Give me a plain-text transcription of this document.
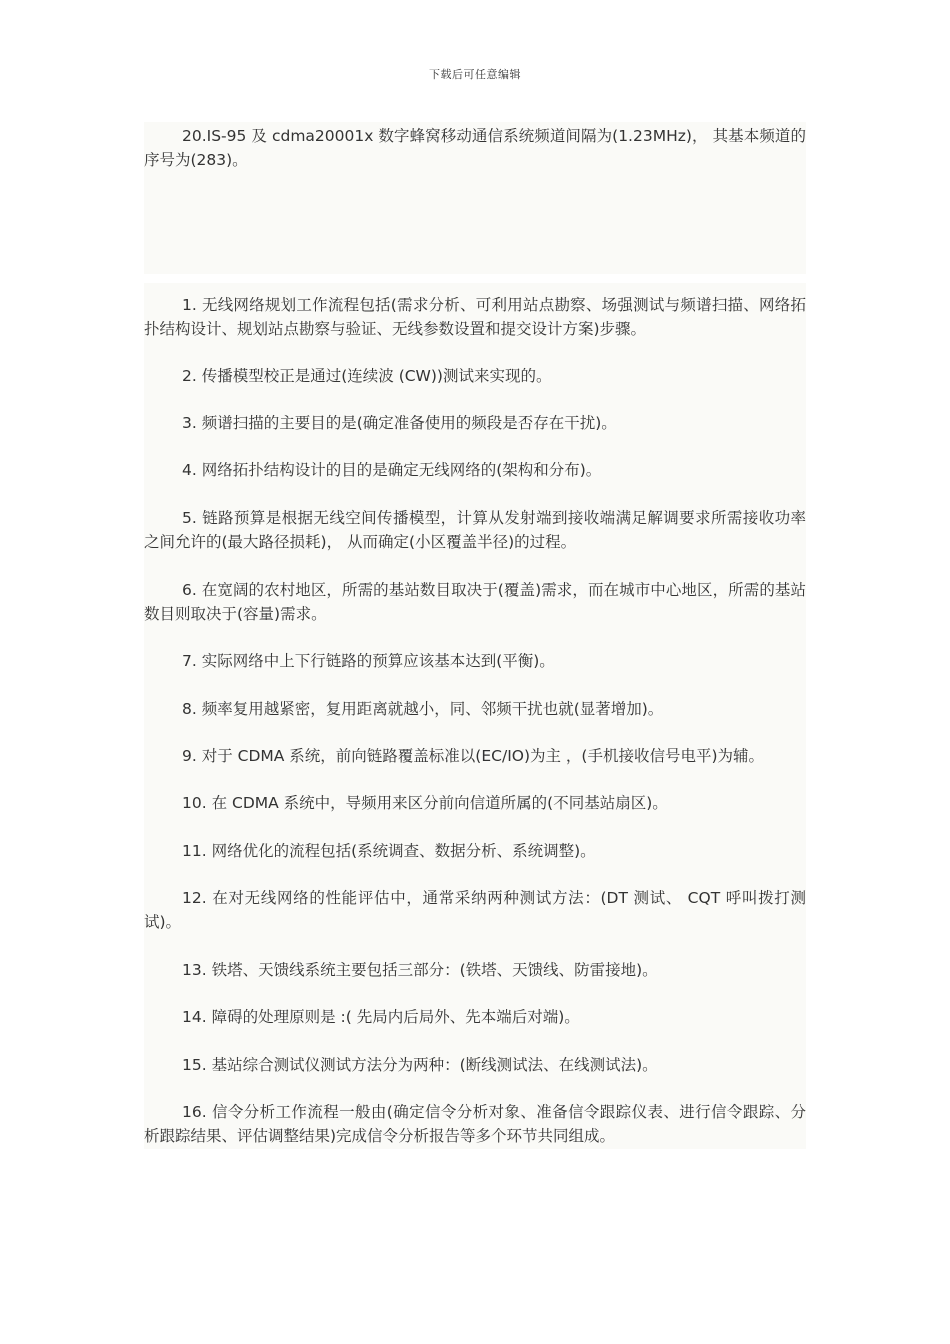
下载后可任意编辑

20.IS-95 及 cdma20001x 数字蜂窝移动通信系统频道间隔为(1.23MHz)， 其基本频道的序号为(283)。

1. 无线网络规划工作流程包括(需求分析、可利用站点勘察、场强测试与频谱扫描、网络拓扑结构设计、规划站点勘察与验证、无线参数设置和提交设计方案)步骤。

2. 传播模型校正是通过(连续波 (CW))测试来实现的。

3. 频谱扫描的主要目的是(确定准备使用的频段是否存在干扰)。

4. 网络拓扑结构设计的目的是确定无线网络的(架构和分布)。

5. 链路预算是根据无线空间传播模型，计算从发射端到接收端满足解调要求所需接收功率之间允许的(最大路径损耗)， 从而确定(小区覆盖半径)的过程。

6. 在宽阔的农村地区，所需的基站数目取决于(覆盖)需求，而在城市中心地区，所需的基站数目则取决于(容量)需求。

7. 实际网络中上下行链路的预算应该基本达到(平衡)。

8. 频率复用越紧密，复用距离就越小，同、邻频干扰也就(显著增加)。

9. 对于 CDMA 系统，前向链路覆盖标准以(EC/IO)为主 ，(手机接收信号电平)为辅。

10. 在 CDMA 系统中，导频用来区分前向信道所属的(不同基站扇区)。

11. 网络优化的流程包括(系统调查、数据分析、系统调整)。

12. 在对无线网络的性能评估中，通常采纳两种测试方法：(DT 测试、 CQT 呼叫拨打测试)。

13. 铁塔、天馈线系统主要包括三部分：(铁塔、天馈线、防雷接地)。

14. 障碍的处理原则是 :( 先局内后局外、先本端后对端)。

15. 基站综合测试仪测试方法分为两种：(断线测试法、在线测试法)。

16. 信令分析工作流程一般由(确定信令分析对象、准备信令跟踪仪表、进行信令跟踪、分析跟踪结果、评估调整结果)完成信令分析报告等多个环节共同组成。
